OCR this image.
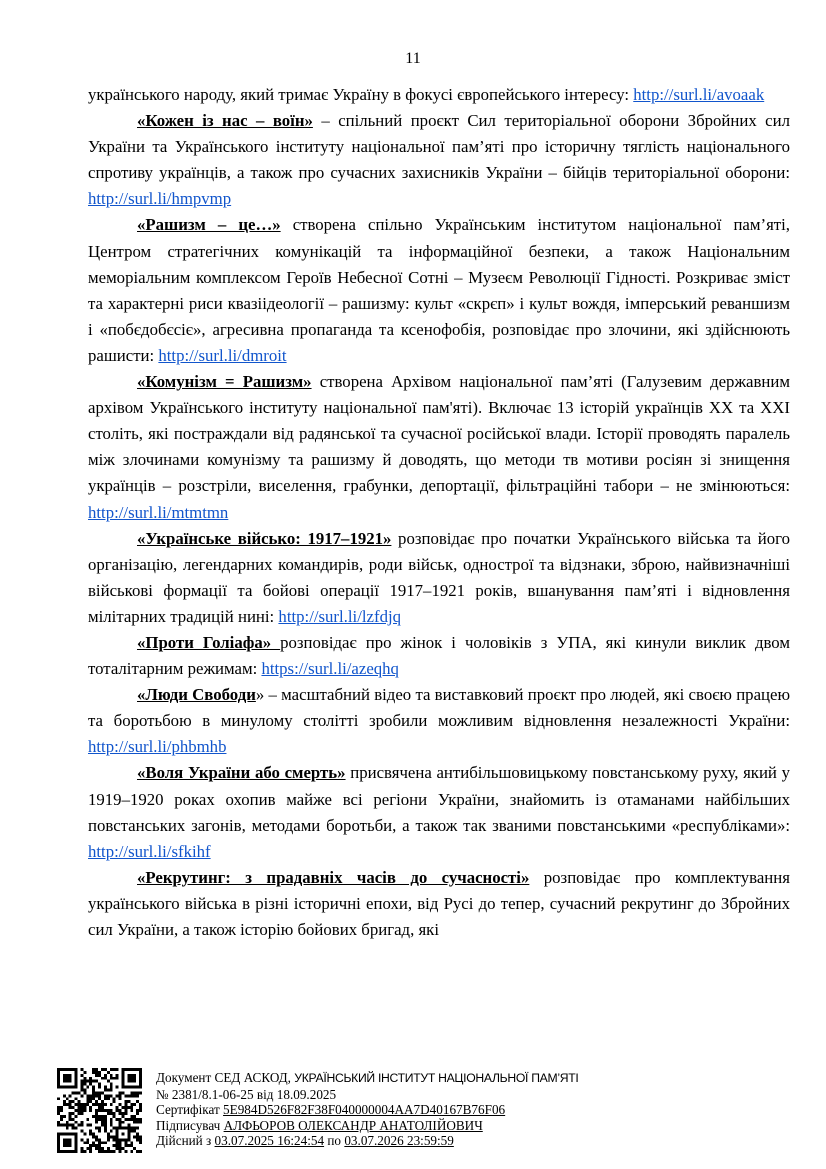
11

українського народу, який тримає Україну в фокусі європейського інтересу: http://surl.li/avoaak

«Кожен із нас – воїн» – спільний проєкт Сил територіальної оборони Збройних сил України та Українського інституту національної пам’яті про історичну тяглість національного спротиву українців, а також про сучасних захисників України – бійців територіальної оборони: http://surl.li/hmpvmp

«Рашизм – це…» створена спільно Українським інститутом національної пам’яті, Центром стратегічних комунікацій та інформаційної безпеки, а також Національним меморіальним комплексом Героїв Небесної Сотні – Музеєм Революції Гідності. Розкриває зміст та характерні риси квазіідеології – рашизму: культ «скрєп» і культ вождя, імперський реваншизм і «побєдобєсіє», агресивна пропаганда та ксенофобія, розповідає про злочини, які здійснюють рашисти: http://surl.li/dmroit

«Комунізм = Рашизм» створена Архівом національної пам’яті (Галузевим державним архівом Українського інституту національної пам'яті). Включає 13 історій українців ХХ та ХХІ століть, які постраждали від радянської та сучасної російської влади. Історії проводять паралель між злочинами комунізму та рашизму й доводять, що методи тв мотиви росіян зі знищення українців – розстріли, виселення, грабунки, депортації, фільтраційні табори – не змінюються: http://surl.li/mtmtmn

«Українське військо: 1917–1921» розповідає про початки Українського війська та його організацію, легендарних командирів, роди військ, однострої та відзнаки, зброю, найвизначніші військові формації та бойові операції 1917–1921 років, вшанування пам’яті і відновлення мілітарних традицій нині: http://surl.li/lzfdjq

«Проти Голіафа» розповідає про жінок і чоловіків з УПА, які кинули виклик двом тоталітарним режимам: https://surl.li/azeqhq

«Люди Свободи» – масштабний відео та виставковий проєкт про людей, які своєю працею та боротьбою в минулому столітті зробили можливим відновлення незалежності України: http://surl.li/phbmhb

«Воля України або смерть» присвячена антибільшовицькому повстанському руху, який у 1919–1920 роках охопив майже всі регіони України, знайомить із отаманами найбільших повстанських загонів, методами боротьби, а також так званими повстанськими «республіками»: http://surl.li/sfkihf

«Рекрутинг: з прадавніх часів до сучасності» розповідає про комплектування українського війська в різні історичні епохи, від Русі до тепер, сучасний рекрутинг до Збройних сил України, а також історію бойових бригад, які

Документ СЕД АСКОД, УКРАЇНСЬКИЙ ІНСТИТУТ НАЦІОНАЛЬНОЇ ПАМ’ЯТІ
№ 2381/8.1-06-25 від 18.09.2025
Сертифікат 5E984D526F82F38F040000004AA7D40167B76F06
Підписувач АЛФЬОРОВ ОЛЕКСАНДР АНАТОЛІЙОВИЧ
Дійсний з 03.07.2025 16:24:54 по 03.07.2026 23:59:59
